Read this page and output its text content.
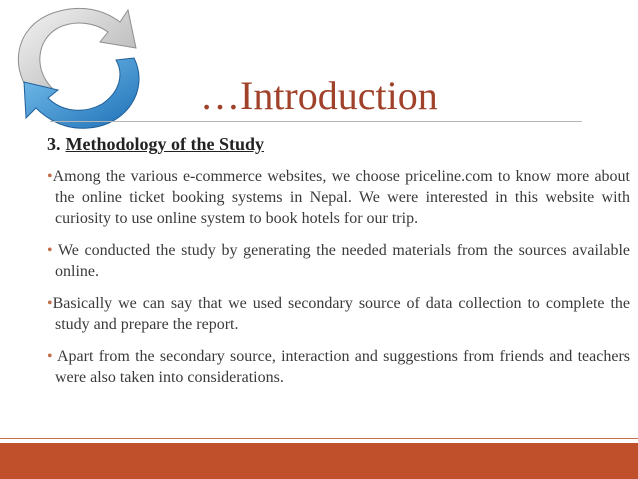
…Introduction
3. Methodology of the Study
•Among the various e-commerce websites, we choose priceline.com to know more about the online ticket booking systems in Nepal. We were interested in this website with curiosity to use online system to book hotels for our trip.
• We conducted the study by generating the needed materials from the sources available online.
•Basically we can say that we used secondary source of data collection to complete the study and prepare the report.
• Apart from the secondary source, interaction and suggestions from friends and teachers were also taken into considerations.
